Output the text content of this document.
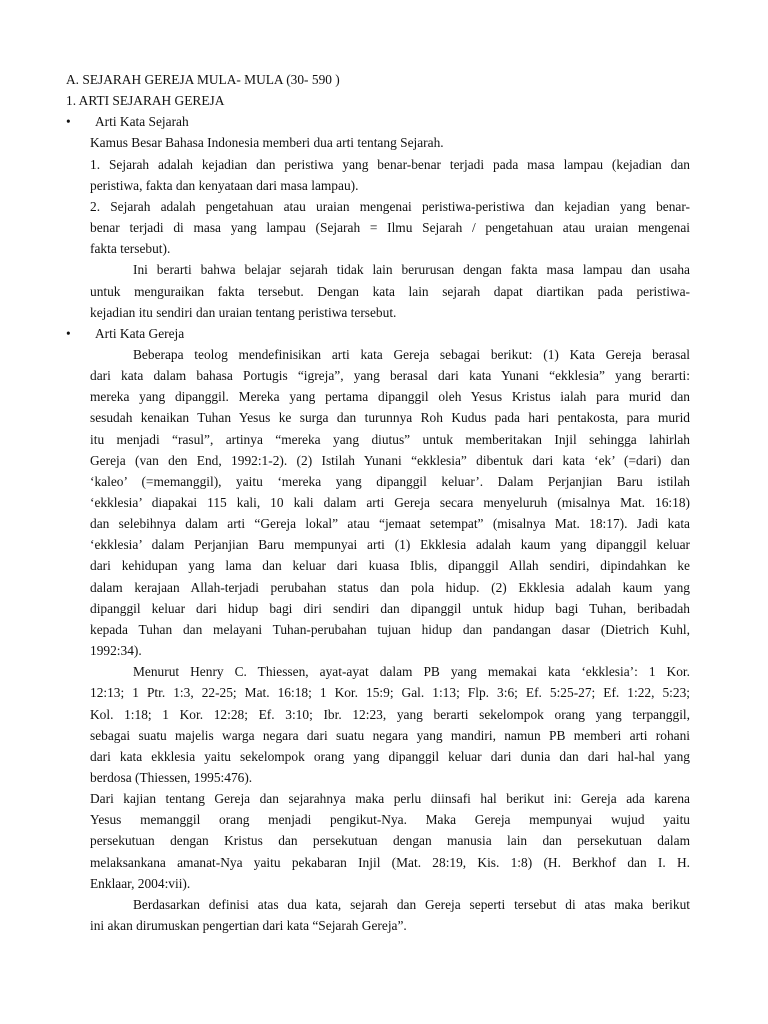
A. SEJARAH GEREJA MULA- MULA (30- 590 )
1. ARTI SEJARAH GEREJA
• Arti Kata Sejarah
Kamus Besar Bahasa Indonesia memberi dua arti tentang Sejarah.
1. Sejarah adalah kejadian dan peristiwa yang benar-benar terjadi pada masa lampau (kejadian dan
peristiwa, fakta dan kenyataan dari masa lampau).
2. Sejarah adalah pengetahuan atau uraian mengenai peristiwa-peristiwa dan kejadian yang benar-
benar terjadi di masa yang lampau (Sejarah = Ilmu Sejarah / pengetahuan atau uraian mengenai
fakta tersebut).
Ini berarti bahwa belajar sejarah tidak lain berurusan dengan fakta masa lampau dan usaha
untuk menguraikan fakta tersebut. Dengan kata lain sejarah dapat diartikan pada peristiwa-
kejadian itu sendiri dan uraian tentang peristiwa tersebut.
• Arti Kata Gereja
Beberapa teolog mendefinisikan arti kata Gereja sebagai berikut: (1) Kata Gereja berasal
dari kata dalam bahasa Portugis “igreja”, yang berasal dari kata Yunani “ekklesia” yang berarti:
mereka yang dipanggil. Mereka yang pertama dipanggil oleh Yesus Kristus ialah para murid dan
sesudah kenaikan Tuhan Yesus ke surga dan turunnya Roh Kudus pada hari pentakosta, para murid
itu menjadi “rasul”, artinya “mereka yang diutus” untuk memberitakan Injil sehingga lahirlah
Gereja (van den End, 1992:1-2). (2) Istilah Yunani “ekklesia” dibentuk dari kata ‘ek’ (=dari) dan
‘kaleo’ (=memanggil), yaitu ‘mereka yang dipanggil keluar’. Dalam Perjanjian Baru istilah
‘ekklesia’ diapakai 115 kali, 10 kali dalam arti Gereja secara menyeluruh (misalnya Mat. 16:18)
dan selebihnya dalam arti “Gereja lokal” atau “jemaat setempat” (misalnya Mat. 18:17). Jadi kata
‘ekklesia’ dalam Perjanjian Baru mempunyai arti (1) Ekklesia adalah kaum yang dipanggil keluar
dari kehidupan yang lama dan keluar dari kuasa Iblis, dipanggil Allah sendiri, dipindahkan ke
dalam kerajaan Allah-terjadi perubahan status dan pola hidup. (2) Ekklesia adalah kaum yang
dipanggil keluar dari hidup bagi diri sendiri dan dipanggil untuk hidup bagi Tuhan, beribadah
kepada Tuhan dan melayani Tuhan-perubahan tujuan hidup dan pandangan dasar (Dietrich Kuhl,
1992:34).
Menurut Henry C. Thiessen, ayat-ayat dalam PB yang memakai kata ‘ekklesia’: 1 Kor.
12:13; 1 Ptr. 1:3, 22-25; Mat. 16:18; 1 Kor. 15:9; Gal. 1:13; Flp. 3:6; Ef. 5:25-27; Ef. 1:22, 5:23;
Kol. 1:18; 1 Kor. 12:28; Ef. 3:10; Ibr. 12:23, yang berarti sekelompok orang yang terpanggil,
sebagai suatu majelis warga negara dari suatu negara yang mandiri, namun PB memberi arti rohani
dari kata ekklesia yaitu sekelompok orang yang dipanggil keluar dari dunia dan dari hal-hal yang
berdosa (Thiessen, 1995:476).
Dari kajian tentang Gereja dan sejarahnya maka perlu diinsafi hal berikut ini: Gereja ada karena
Yesus memanggil orang menjadi pengikut-Nya. Maka Gereja mempunyai wujud yaitu
persekutuan dengan Kristus dan persekutuan dengan manusia lain dan persekutuan dalam
melaksankana amanat-Nya yaitu pekabaran Injil (Mat. 28:19, Kis. 1:8) (H. Berkhof dan I. H.
Enklaar, 2004:vii).
Berdasarkan definisi atas dua kata, sejarah dan Gereja seperti tersebut di atas maka berikut
ini akan dirumuskan pengertian dari kata “Sejarah Gereja”.
